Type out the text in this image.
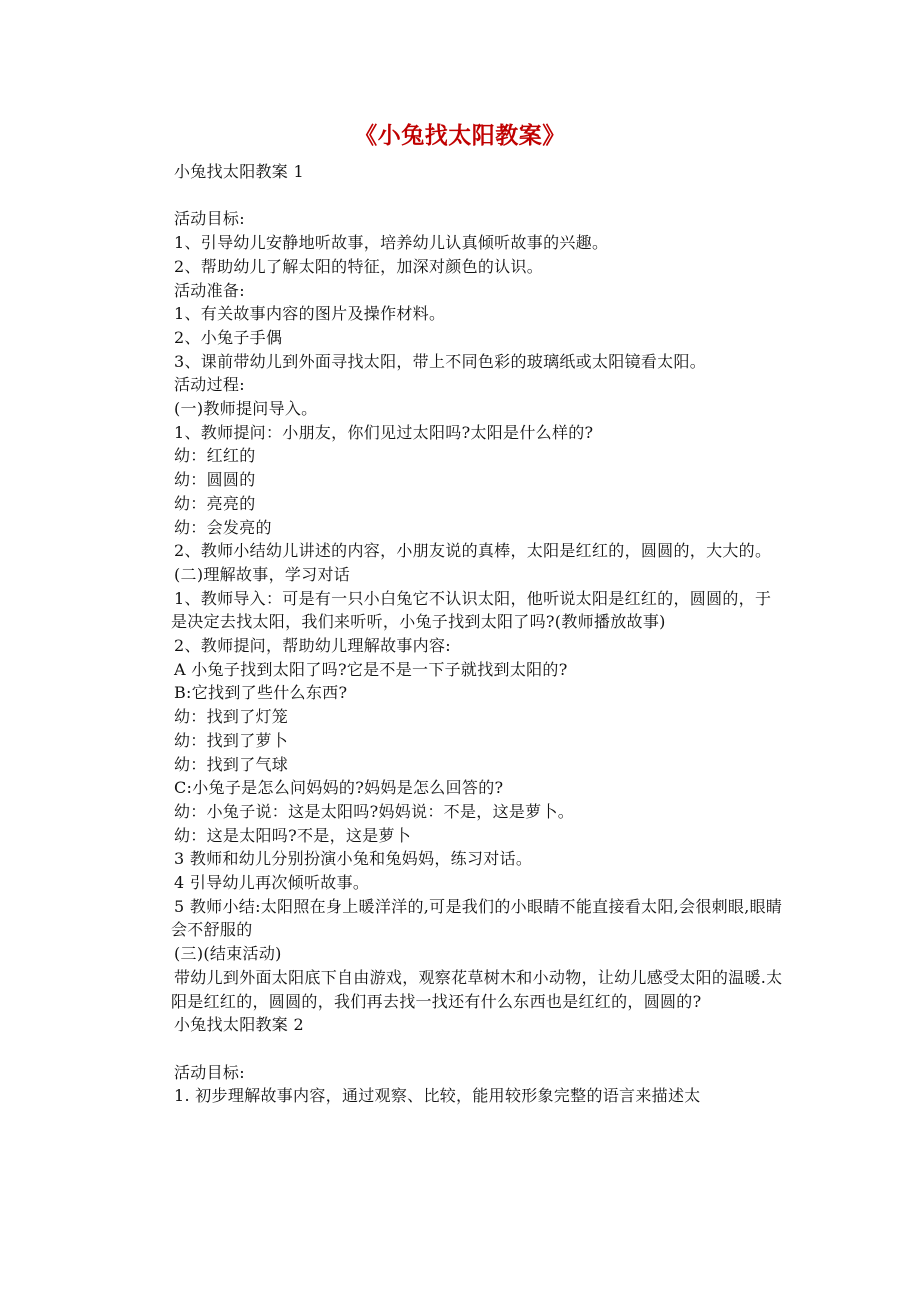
《小兔找太阳教案》

小兔找太阳教案 1

活动目标:

1、引导幼儿安静地听故事，培养幼儿认真倾听故事的兴趣。

2、帮助幼儿了解太阳的特征，加深对颜色的认识。

活动准备:

1、有关故事内容的图片及操作材料。

2、小兔子手偶

3、课前带幼儿到外面寻找太阳，带上不同色彩的玻璃纸或太阳镜看太阳。

活动过程:

(一)教师提问导入。

1、教师提问：小朋友，你们见过太阳吗?太阳是什么样的?

幼：红红的

幼：圆圆的

幼：亮亮的

幼：会发亮的

2、教师小结幼儿讲述的内容，小朋友说的真棒，太阳是红红的，圆圆的，大大的。

(二)理解故事，学习对话

1、教师导入：可是有一只小白兔它不认识太阳，他听说太阳是红红的，圆圆的，于是决定去找太阳，我们来听听，小兔子找到太阳了吗?(教师播放故事)

2、教师提问，帮助幼儿理解故事内容:

A 小兔子找到太阳了吗?它是不是一下子就找到太阳的?

B:它找到了些什么东西?

幼：找到了灯笼

幼：找到了萝卜

幼：找到了气球

C:小兔子是怎么问妈妈的?妈妈是怎么回答的?

幼：小兔子说：这是太阳吗?妈妈说：不是，这是萝卜。

幼：这是太阳吗?不是，这是萝卜

3 教师和幼儿分别扮演小兔和兔妈妈，练习对话。

4 引导幼儿再次倾听故事。

5 教师小结:太阳照在身上暖洋洋的,可是我们的小眼睛不能直接看太阳,会很刺眼,眼睛会不舒服的

(三)(结束活动)

带幼儿到外面太阳底下自由游戏，观察花草树木和小动物，让幼儿感受太阳的温暖.太阳是红红的，圆圆的，我们再去找一找还有什么东西也是红红的，圆圆的?

小兔找太阳教案 2

活动目标:

1. 初步理解故事内容，通过观察、比较，能用较形象完整的语言来描述太
